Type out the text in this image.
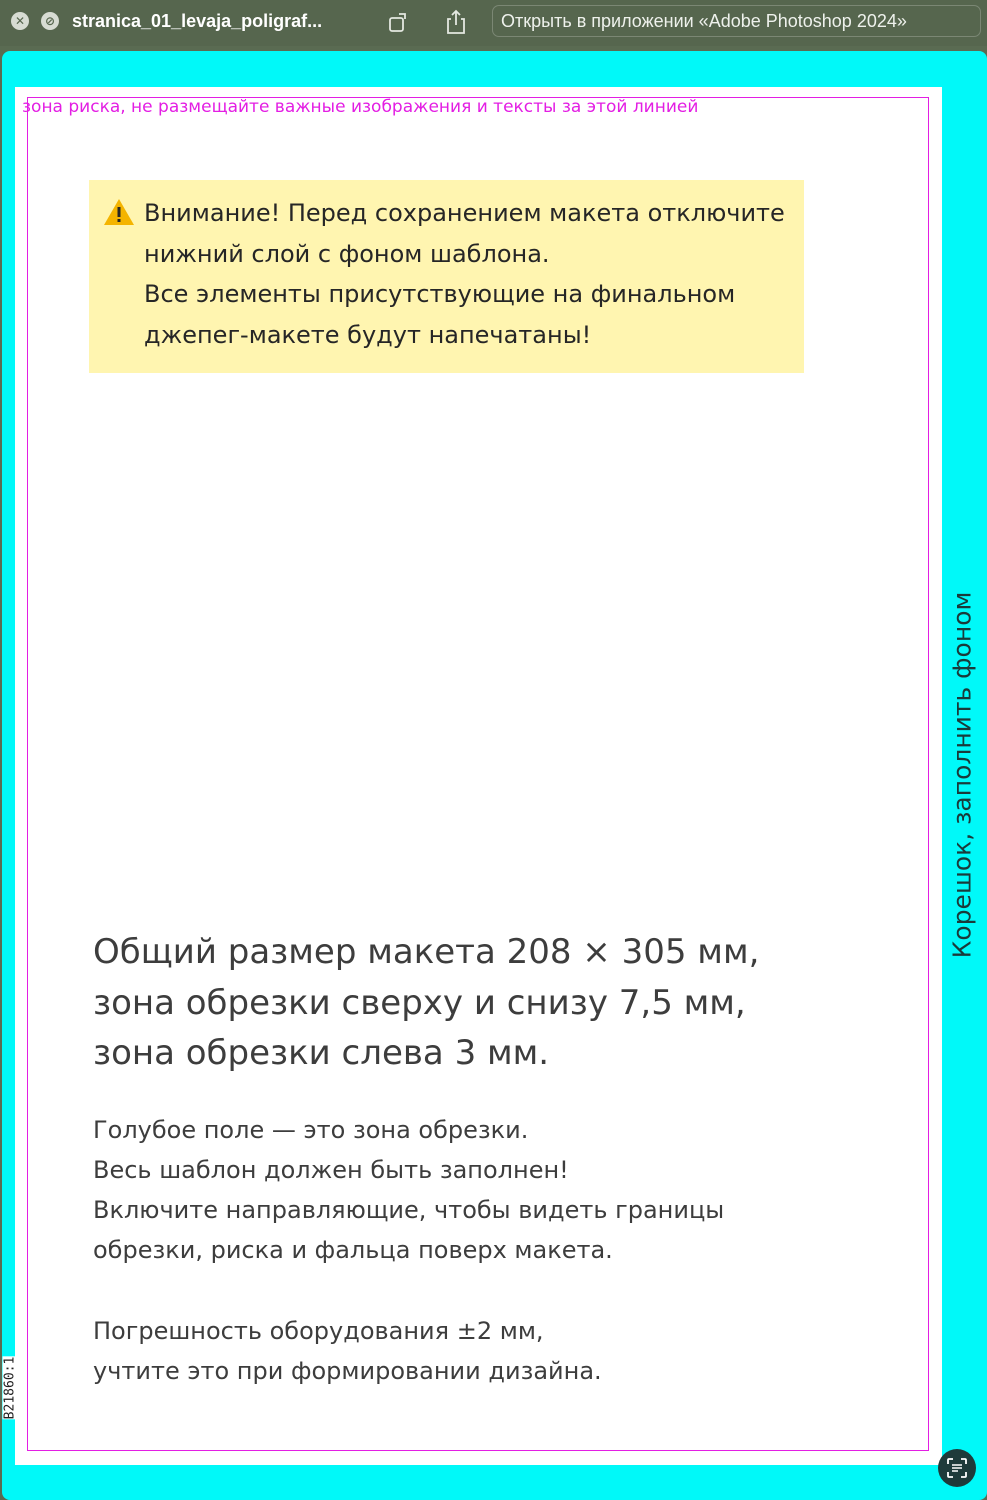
✕	⊘ stranica_01_levaja_poligraf...	Открыть в приложении «Adobe Photoshop 2024»
зона риска, не размещайте важные изображения и тексты за этой линией
Внимание! Перед сохранением макета отключите
нижний слой с фоном шаблона.
Все элементы присутствующие на финальном
джепег-макете будут напечатаны!
Общий размер макета 208 × 305 мм,
зона обрезки сверху и снизу 7,5 мм,
зона обрезки слева 3 мм.
Голубое поле — это зона обрезки.
Весь шаблон должен быть заполнен!
Включите направляющие, чтобы видеть границы
обрезки, риска и фальца поверх макета.
Погрешность оборудования ±2 мм,
учтите это при формировании дизайна.
Корешок, заполнить фоном
B21860:1
